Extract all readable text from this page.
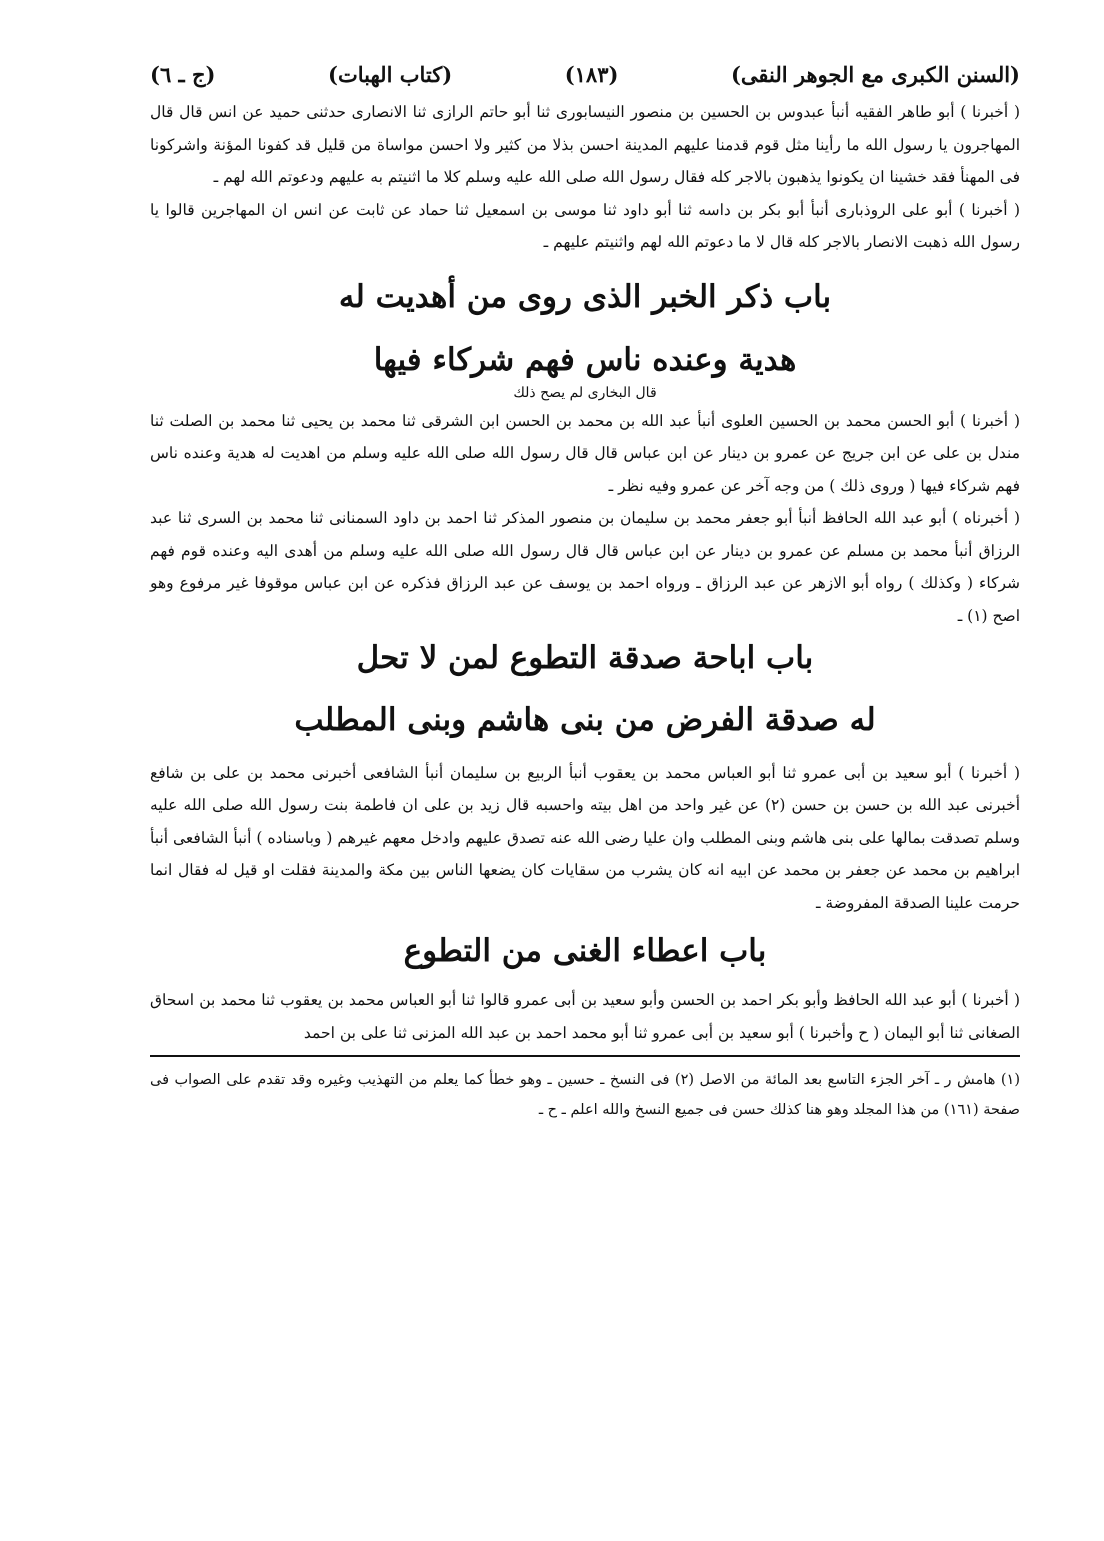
(السنن الكبرى مع الجوهر النقى)
(١٨٣)
(كتاب الهبات)
(ج ـ ٦)

( أخبرنا ) أبو طاهر الفقيه أنبأ عبدوس بن الحسين بن منصور النيسابورى ثنا أبو حاتم الرازى ثنا الانصارى حدثنى حميد عن انس قال قال المهاجرون يا رسول الله ما رأينا مثل قوم قدمنا عليهم المدينة احسن بذلا من كثير ولا احسن مواساة من قليل قد كفونا المؤنة واشركونا فى المهنأ فقد خشينا ان يكونوا يذهبون بالاجر كله فقال رسول الله صلى الله عليه وسلم كلا ما اثنيتم به عليهم ودعوتم الله لهم ـ

( أخبرنا ) أبو على الروذبارى أنبأ أبو بكر بن داسه ثنا أبو داود ثنا موسى بن اسمعيل ثنا حماد عن ثابت عن انس ان المهاجرين قالوا يا رسول الله ذهبت الانصار بالاجر كله قال لا ما دعوتم الله لهم واثنيتم عليهم ـ

باب ذكر الخبر الذى روى من أهديت له
هدية وعنده ناس فهم شركاء فيها
قال البخارى لم يصح ذلك

( أخبرنا ) أبو الحسن محمد بن الحسين العلوى أنبأ عبد الله بن محمد بن الحسن ابن الشرقى ثنا محمد بن يحيى ثنا محمد بن الصلت ثنا مندل بن على عن ابن جريج عن عمرو بن دينار عن ابن عباس قال قال رسول الله صلى الله عليه وسلم من اهديت له هدية وعنده ناس فهم شركاء فيها ( وروى ذلك ) من وجه آخر عن عمرو وفيه نظر ـ

( أخبرناه ) أبو عبد الله الحافظ أنبأ أبو جعفر محمد بن سليمان بن منصور المذكر ثنا احمد بن داود السمنانى ثنا محمد بن السرى ثنا عبد الرزاق أنبأ محمد بن مسلم عن عمرو بن دينار عن ابن عباس قال قال رسول الله صلى الله عليه وسلم من أهدى اليه وعنده قوم فهم شركاء ( وكذلك ) رواه أبو الازهر عن عبد الرزاق ـ ورواه احمد بن يوسف عن عبد الرزاق فذكره عن ابن عباس موقوفا غير مرفوع وهو اصح (١) ـ

باب اباحة صدقة التطوع لمن لا تحل
له صدقة الفرض من بنى هاشم وبنى المطلب

( أخبرنا ) أبو سعيد بن أبى عمرو ثنا أبو العباس محمد بن يعقوب أنبأ الربيع بن سليمان أنبأ الشافعى أخبرنى محمد بن على بن شافع أخبرنى عبد الله بن حسن بن حسن (٢) عن غير واحد من اهل بيته واحسبه قال زيد بن على ان فاطمة بنت رسول الله صلى الله عليه وسلم تصدقت بمالها على بنى هاشم وبنى المطلب وان عليا رضى الله عنه تصدق عليهم وادخل معهم غيرهم ( وباسناده ) أنبأ الشافعى أنبأ ابراهيم بن محمد عن جعفر بن محمد عن ابيه انه كان يشرب من سقايات كان يضعها الناس بين مكة والمدينة فقلت او قيل له فقال انما حرمت علينا الصدقة المفروضة ـ

باب اعطاء الغنى من التطوع

( أخبرنا ) أبو عبد الله الحافظ وأبو بكر احمد بن الحسن وأبو سعيد بن أبى عمرو قالوا ثنا أبو العباس محمد بن يعقوب ثنا محمد بن اسحاق الصغانى ثنا أبو اليمان ( ح وأخبرنا ) أبو سعيد بن أبى عمرو ثنا أبو محمد احمد بن عبد الله المزنى ثنا على بن احمد

(١) هامش ر ـ آخر الجزء التاسع بعد المائة من الاصل (٢) فى النسخ ـ حسين ـ وهو خطأ كما يعلم من التهذيب وغيره وقد تقدم على الصواب فى صفحة (١٦١) من هذا المجلد وهو هنا كذلك حسن فى جميع النسخ والله اعلم ـ ح ـ
